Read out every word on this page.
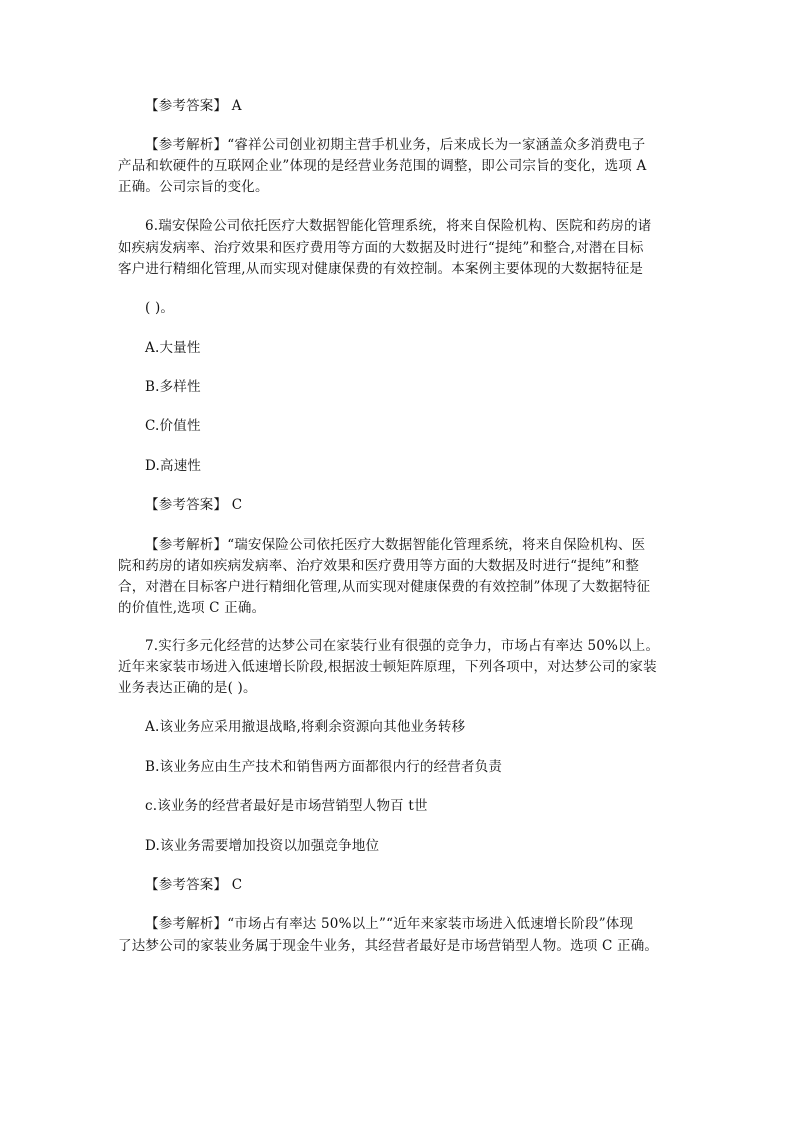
【参考答案】 A
【参考解析】“睿祥公司创业初期主营手机业务，后来成长为一家涵盖众多消费电子
产品和软硬件的互联网企业”体现的是经营业务范围的调整，即公司宗旨的变化，选项 A
正确。公司宗旨的变化。
6.瑞安保险公司依托医疗大数据智能化管理系统，将来自保险机构、医院和药房的诸
如疾病发病率、治疗效果和医疗费用等方面的大数据及时进行“提纯”和整合,对潜在目标
客户进行精细化管理,从而实现对健康保费的有效控制。本案例主要体现的大数据特征是
( )。
A.大量性
B.多样性
C.价值性
D.高速性
【参考答案】 C
【参考解析】“瑞安保险公司依托医疗大数据智能化管理系统，将来自保险机构、医
院和药房的诸如疾病发病率、治疗效果和医疗费用等方面的大数据及时进行“提纯”和整
合，对潜在目标客户进行精细化管理,从而实现对健康保费的有效控制”体现了大数据特征
的价值性,选项 C 正确。
7.实行多元化经营的达梦公司在家装行业有很强的竞争力，市场占有率达 50%以上。
近年来家装市场进入低速增长阶段,根据波士顿矩阵原理，下列各项中，对达梦公司的家装
业务表达正确的是( )。
A.该业务应采用撤退战略,将剩余资源向其他业务转移
B.该业务应由生产技术和销售两方面都很内行的经营者负责
c.该业务的经营者最好是市场营销型人物百 t世
D.该业务需要增加投资以加强竞争地位
【参考答案】 C
【参考解析】“市场占有率达 50%以上”“近年来家装市场进入低速增长阶段”体现
了达梦公司的家装业务属于现金牛业务，其经营者最好是市场营销型人物。选项 C 正确。
